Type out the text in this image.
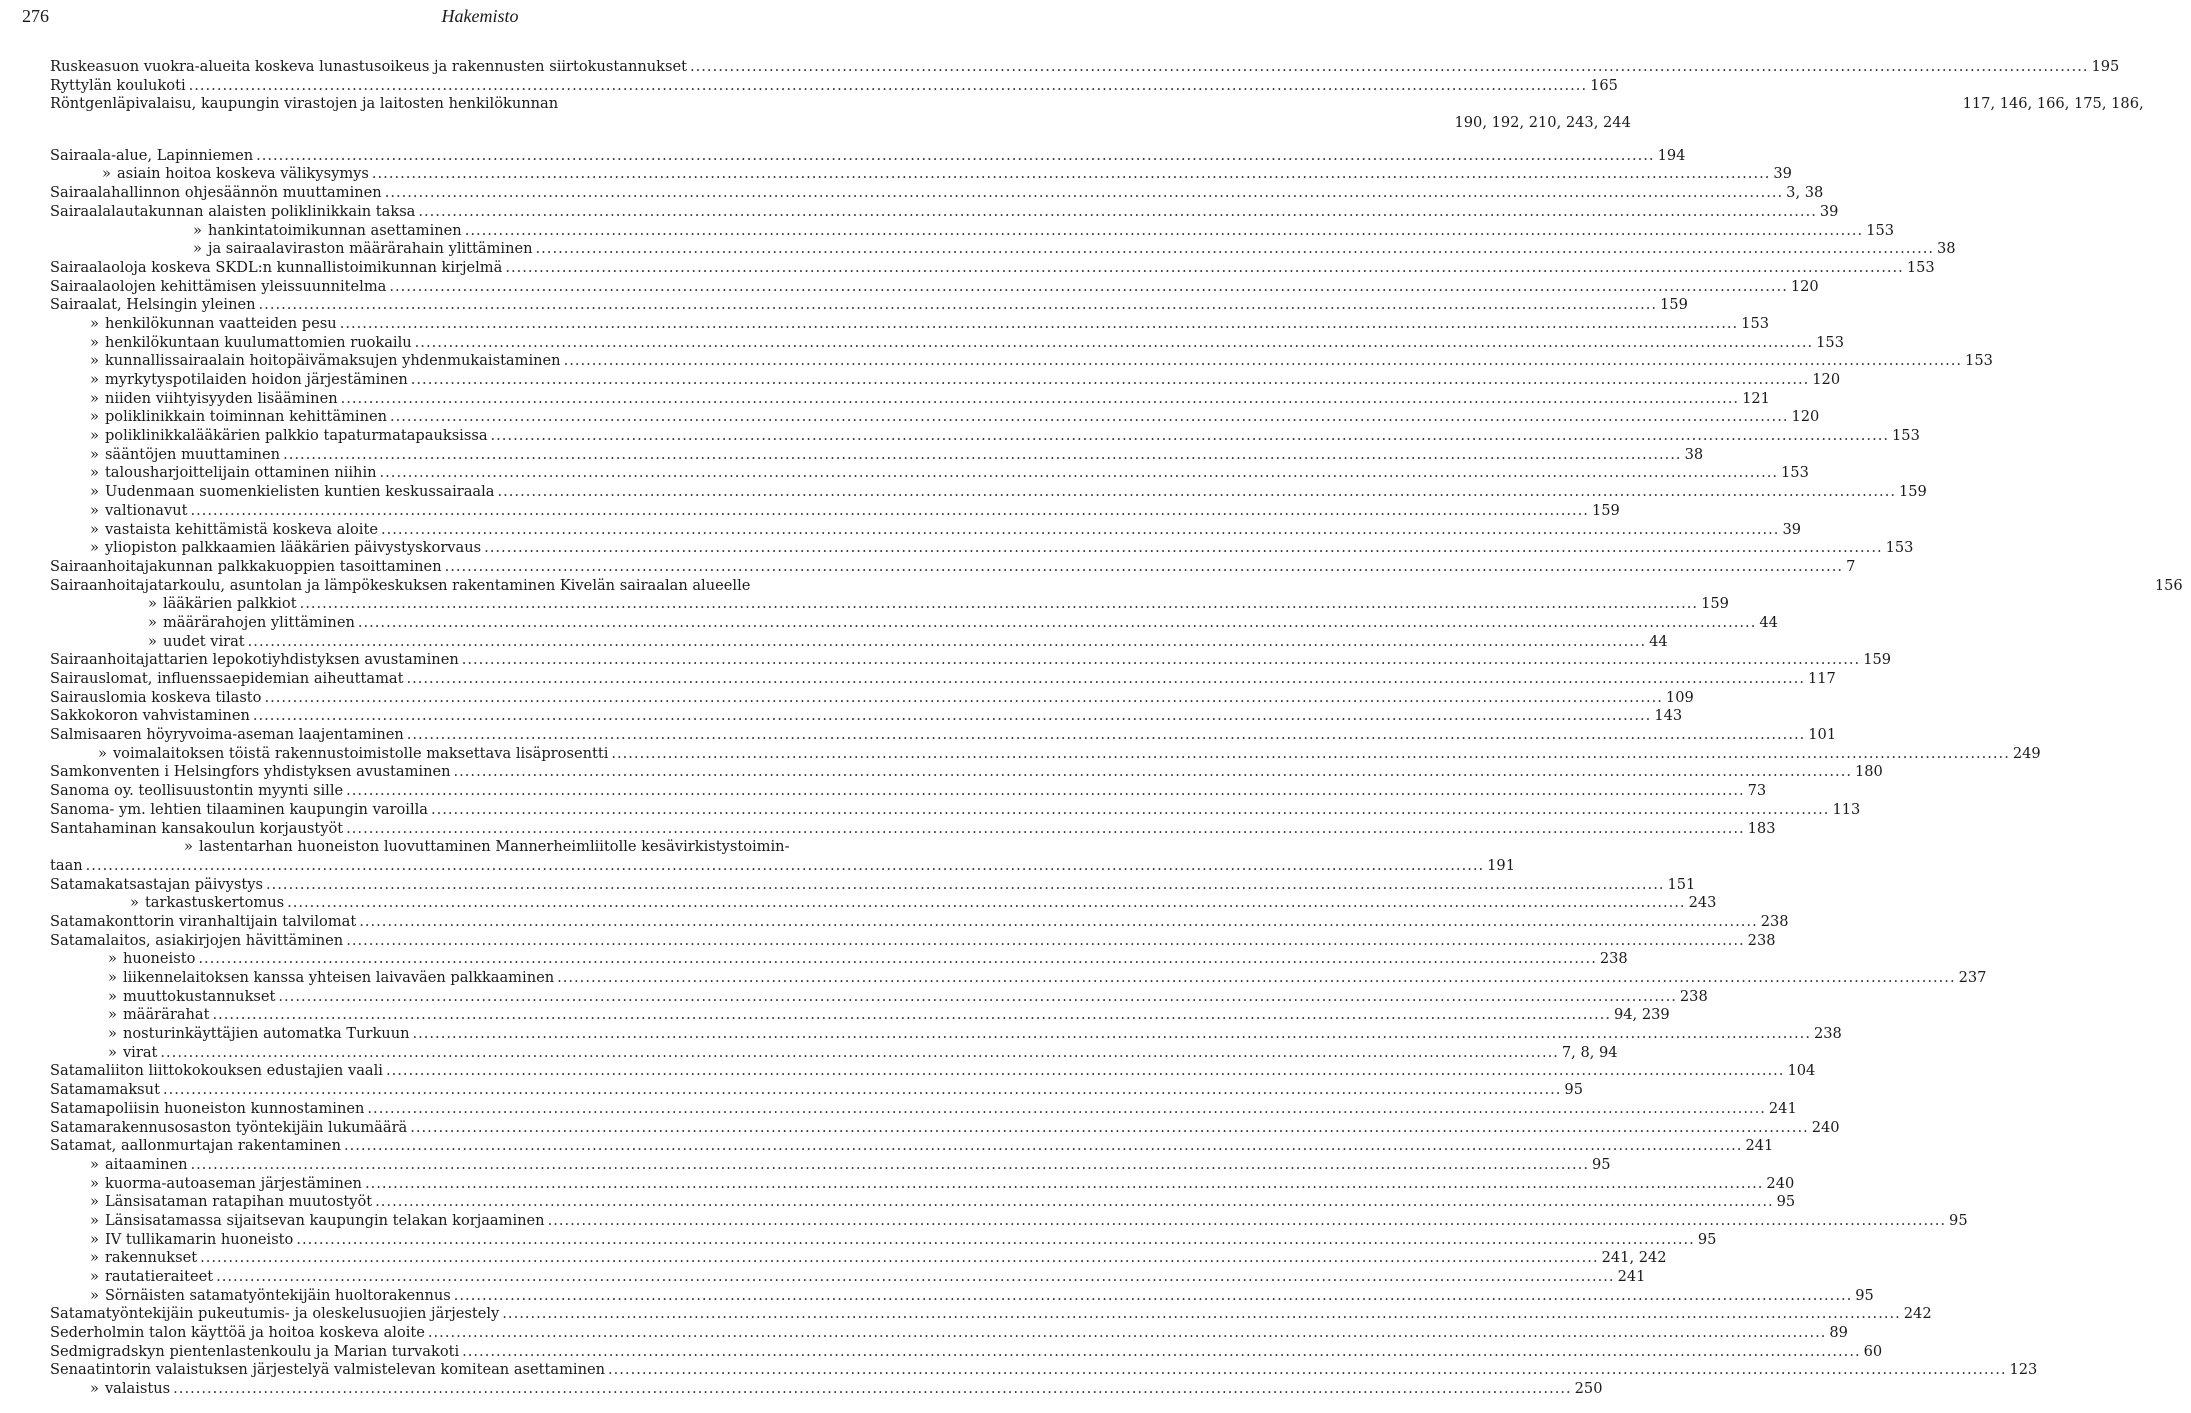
276	Hakemisto
Ruskeasuon vuokra-alueita koskeva lunastusoikeus ja rakennusten siirtokustannukset .....	195
Ryttylän koulukoti .....	165
Röntgenläpivalaisu, kaupungin virastojen ja laitosten henkilökunnan	117, 146, 166, 175, 186,
190, 192, 210, 243, 244
Sairaala-alue, Lapinniemen .....	194
» asiain hoitoa koskeva välikysymys .....	39
Sairaalahallinnon ohjesäännön muuttaminen .....	3, 38
Sairaalalautakunnan alaisten poliklinikkain taksa .....	39
» hankintatoimikunnan asettaminen .....	153
» ja sairaalaviraston määrärahain ylittäminen .....	38
Sairaalaoloja koskeva SKDL:n kunnallistoimikunnan kirjelmä .....	153
Sairaalaolojen kehittämisen yleissuunnitelma .....	120
Sairaalat, Helsingin yleinen .....	159
» henkilökunnan vaatteiden pesu .....	153
» henkilökuntaan kuulumattomien ruokailu .....	153
» kunnallissairaalain hoitopäivämaksujen yhdenmukaistaminen .....	153
» myrkytyspotilaiden hoidon järjestäminen .....	120
» niiden viihtyisyyden lisääminen .....	121
» poliklinikkain toiminnan kehittäminen .....	120
» poliklinikkalääkärien palkkio tapaturmatapauksissa .....	153
» sääntöjen muuttaminen .....	38
» talousharjoittelijain ottaminen niihin .....	153
» Uudenmaan suomenkielisten kuntien keskussairaala .....	159
» valtionavut .....	159
» vastaista kehittämistä koskeva aloite .....	39
» yliopiston palkkaamien lääkärien päivystyskorvaus .....	153
Sairaanhoitajakunnan palkkakuoppien tasoittaminen .....	7
Sairaanhoitajatarkoulu, asuntolan ja lämpökeskuksen rakentaminen Kivelän sairaalan alueelle	156
» lääkärien palkkiot .....	159
» määrärahojen ylittäminen .....	44
» uudet virat .....	44
Sairaanhoitajattarien lepokotiyhdistyksen avustaminen .....	159
Sairauslomat, influenssaepidemian aiheuttamat .....	117
Sairauslomia koskeva tilasto .....	109
Sakkokoron vahvistaminen .....	143
Salmisaaren höyryvoima-aseman laajentaminen .....	101
» voimalaitoksen töistä rakennustoimistolle maksettava lisäprosentti .....	249
Samkonventen i Helsingfors yhdistyksen avustaminen .....	180
Sanoma oy. teollisuustontin myynti sille .....	73
Sanoma- ym. lehtien tilaaminen kaupungin varoilla .....	113
Santahaminan kansakoulun korjaustyöt .....	183
» lastentarhan huoneiston luovuttaminen Mannerheimliitolle kesävirkistystoimin-
taan .....	191
Satamakatsastajan päivystys .....	151
» tarkastuskertomus .....	243
Satamakonttorin viranhaltijain talvilomat .....	238
Satamalaitos, asiakirjojen hävittäminen .....	238
» huoneisto .....	238
» liikennelaitoksen kanssa yhteisen laivaväen palkkaaminen .....	237
» muuttokustannukset .....	238
» määrärahat .....	94, 239
» nosturinkäyttäjien automatka Turkuun .....	238
» virat .....	7, 8, 94
Satamaliiton liittokokouksen edustajien vaali .....	104
Satamamaksut .....	95
Satamapoliisin huoneiston kunnostaminen .....	241
Satamarakennusosaston työntekijäin lukumäärä .....	240
Satamat, aallonmurtajan rakentaminen .....	241
» aitaaminen .....	95
» kuorma-autoaseman järjestäminen .....	240
» Länsisataman ratapihan muutostyöt .....	95
» Länsisatamassa sijaitsevan kaupungin telakan korjaaminen .....	95
» IV tullikamarin huoneisto .....	95
» rakennukset .....	241, 242
» rautatieraiteet .....	241
» Sörnäisten satamatyöntekijäin huoltorakennus .....	95
Satamatyöntekijäin pukeutumis- ja oleskelusuojien järjestely .....	242
Sederholmin talon käyttöä ja hoitoa koskeva aloite .....	89
Sedmigradskyn pientenlastenkoulu ja Marian turvakoti .....	60
Senaatintorin valaistuksen järjestelyä valmistelevan komitean asettaminen .....	123
» valaistus .....	250
